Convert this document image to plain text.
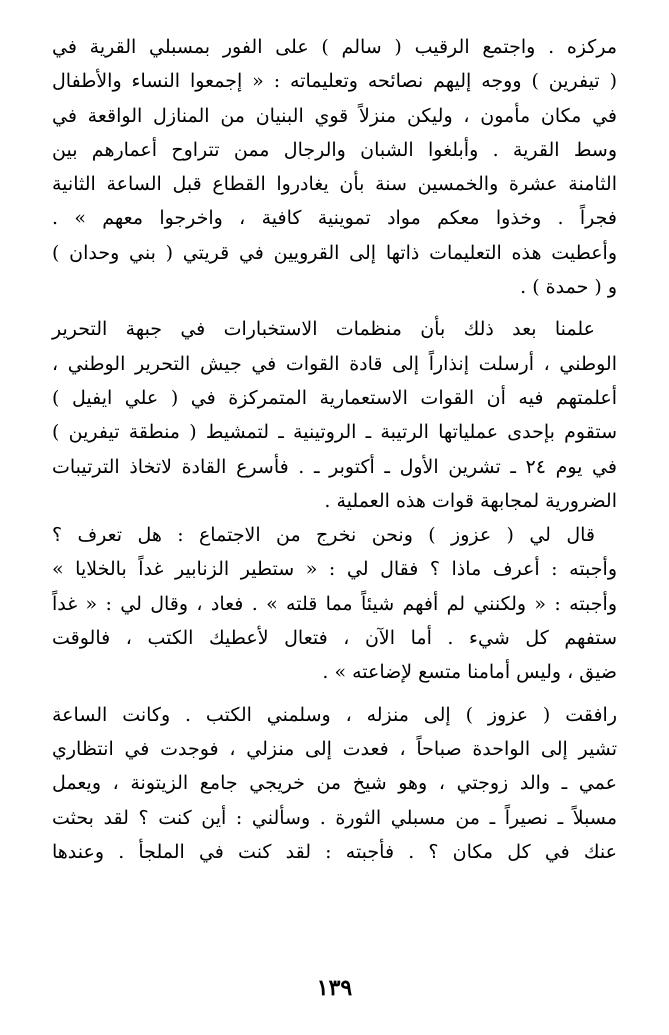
مركزه . واجتمع الرقيب ( سالم ) على الفور بمسبلي القرية في
( تيفرين ) ووجه إليهم نصائحه وتعليماته : « إجمعوا النساء والأطفال
في مكان مأمون ، وليكن منزلاً قوي البنيان من المنازل الواقعة في
وسط القرية . وأبلغوا الشبان والرجال ممن تتراوح أعمارهم بين
الثامنة عشرة والخمسين سنة بأن يغادروا القطاع قبل الساعة الثانية
فجراً . وخذوا معكم مواد تموينية كافية ، واخرجوا معهم » .
وأعطيت هذه التعليمات ذاتها إلى القرويين في قريتي ( بني وحدان )
و ( حمدة ) .
علمنا بعد ذلك بأن منظمات الاستخبارات في جبهة التحرير
الوطني ، أرسلت إنذاراً إلى قادة القوات في جيش التحرير الوطني ،
أعلمتهم فيه أن القوات الاستعمارية المتمركزة في ( علي ايفيل )
ستقوم بإحدى عملياتها الرتيبة ـ الروتينية ـ لتمشيط ( منطقة تيفرين )
في يوم ٢٤ ـ تشرين الأول ـ أكتوبر ـ . فأسرع القادة لاتخاذ الترتيبات
الضرورية لمجابهة قوات هذه العملية .
قال لي ( عزوز ) ونحن نخرج من الاجتماع : هل تعرف ؟
وأجبته : أعرف ماذا ؟ فقال لي : « ستطير الزنابير غداً بالخلايا »
وأجبته : « ولكنني لم أفهم شيئاً مما قلته » . فعاد ، وقال لي : « غداً
ستفهم كل شيء . أما الآن ، فتعال لأعطيك الكتب ، فالوقت
ضيق ، وليس أمامنا متسع لإضاعته » .
رافقت ( عزوز ) إلى منزله ، وسلمني الكتب . وكانت الساعة
تشير إلى الواحدة صباحاً ، فعدت إلى منزلي ، فوجدت في انتظاري
عمي ـ والد زوجتي ، وهو شيخ من خريجي جامع الزيتونة ، ويعمل
مسبلاً ـ نصيراً ـ من مسبلي الثورة . وسألني : أين كنت ؟ لقد بحثت
عنك في كل مكان ؟ . فأجبته : لقد كنت في الملجأ . وعندها
١٣٩
